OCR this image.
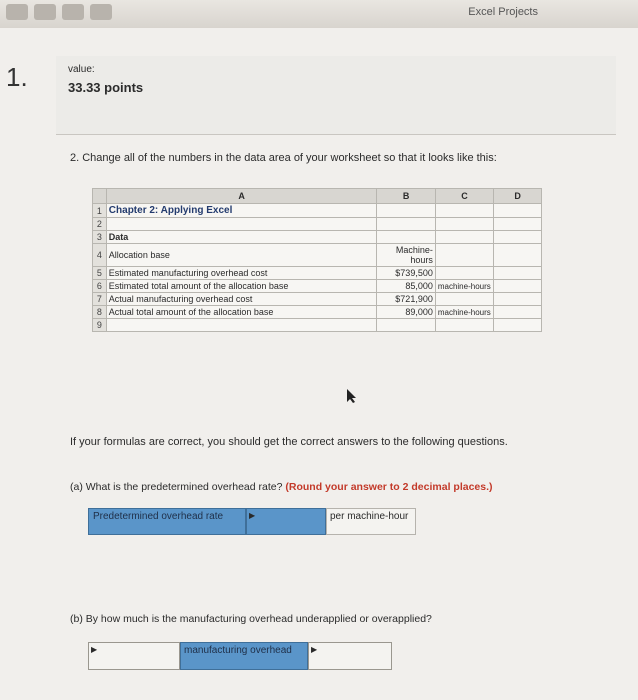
Excel Projects
1.	value:
33.33 points
2. Change all of the numbers in the data area of your worksheet so that it looks like this:
	A	B	C	D
1	Chapter 2: Applying Excel			
2				
3	Data			
4	Allocation base	Machine-hours		
5	Estimated manufacturing overhead cost	$739,500		
6	Estimated total amount of the allocation base	85,000	machine-hours	
7	Actual manufacturing overhead cost	$721,900		
8	Actual total amount of the allocation base	89,000	machine-hours	
9				
If your formulas are correct, you should get the correct answers to the following questions.
(a) What is the predetermined overhead rate? (Round your answer to 2 decimal places.)
Predetermined overhead rate	▶	per machine-hour
(b) By how much is the manufacturing overhead underapplied or overapplied?
▶	manufacturing overhead	▶
